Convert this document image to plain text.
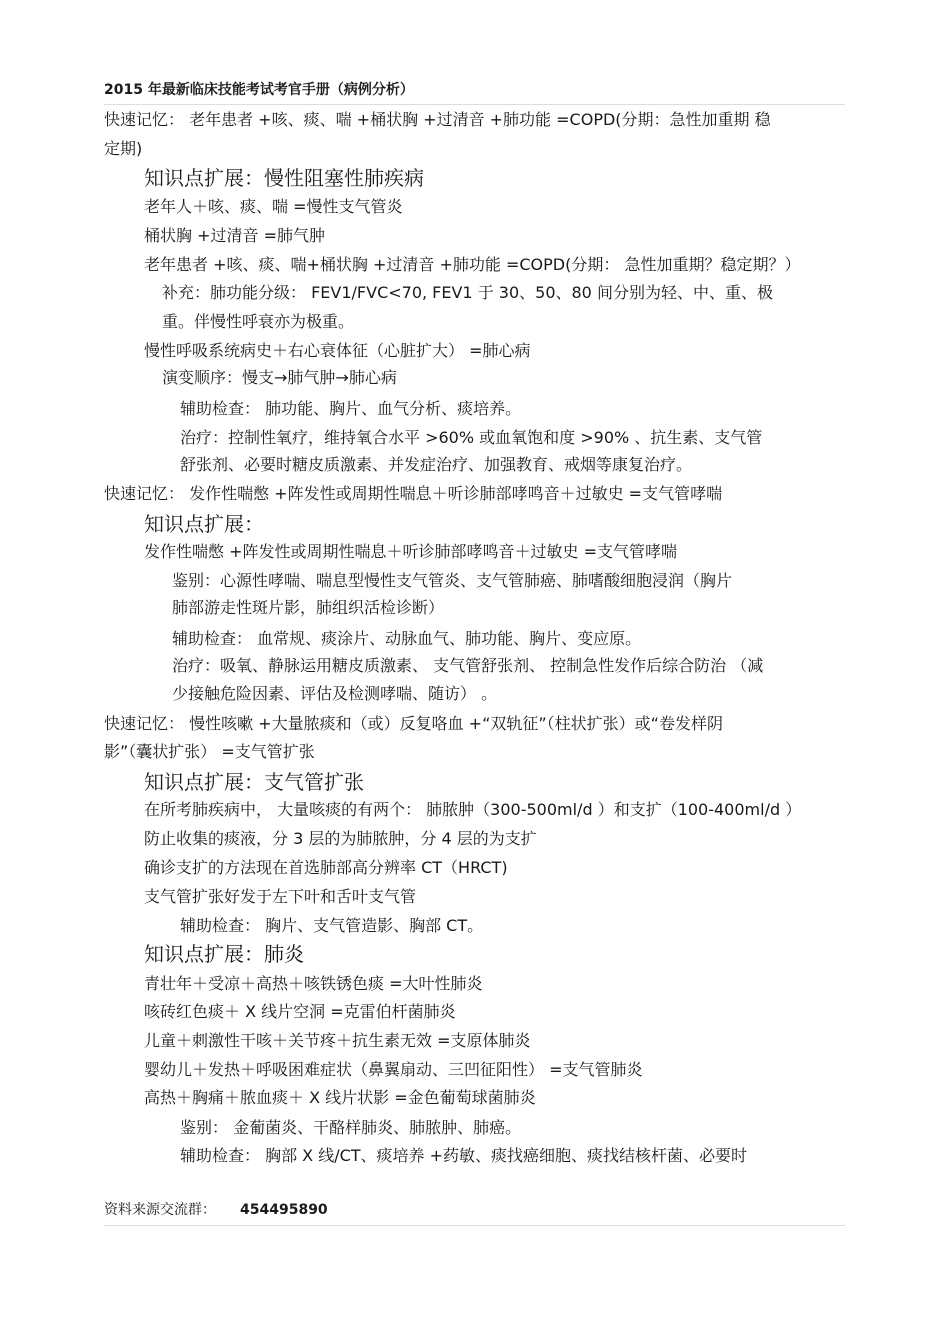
2015 年最新临床技能考试考官手册（病例分析）
快速记忆： 老年患者 +咳、痰、喘 +桶状胸 +过清音 +肺功能 =COPD(分期：急性加重期 稳
定期)
知识点扩展：慢性阻塞性肺疾病
老年人＋咳、痰、喘 =慢性支气管炎
桶状胸 +过清音 =肺气肿
老年患者 +咳、痰、喘+桶状胸 +过清音 +肺功能 =COPD(分期： 急性加重期？稳定期？）
补充：肺功能分级： FEV1/FVC<70, FEV1 于 30、50、80 间分别为轻、中、重、极
重。伴慢性呼衰亦为极重。
慢性呼吸系统病史＋右心衰体征（心脏扩大） =肺心病
演变顺序：慢支→肺气肿→肺心病
辅助检查： 肺功能、胸片、血气分析、痰培养。
治疗：控制性氧疗，维持氧合水平 >60% 或血氧饱和度 >90% 、抗生素、支气管
舒张剂、必要时糖皮质激素、并发症治疗、加强教育、戒烟等康复治疗。
快速记忆： 发作性喘憋 +阵发性或周期性喘息＋听诊肺部哮鸣音＋过敏史 =支气管哮喘
知识点扩展：
发作性喘憋 +阵发性或周期性喘息＋听诊肺部哮鸣音＋过敏史 =支气管哮喘
鉴别：心源性哮喘、喘息型慢性支气管炎、支气管肺癌、肺嗜酸细胞浸润（胸片
肺部游走性斑片影，肺组织活检诊断）
辅助检查： 血常规、痰涂片、动脉血气、肺功能、胸片、变应原。
治疗：吸氧、静脉运用糖皮质激素、 支气管舒张剂、 控制急性发作后综合防治 （减
少接触危险因素、评估及检测哮喘、随访） 。
快速记忆： 慢性咳嗽 +大量脓痰和（或）反复咯血 +“双轨征”（柱状扩张）或“卷发样阴
影”（囊状扩张） =支气管扩张
知识点扩展：支气管扩张
在所考肺疾病中， 大量咳痰的有两个： 肺脓肿（300-500ml/d ）和支扩（100-400ml/d ）
防止收集的痰液，分 3 层的为肺脓肿，分 4 层的为支扩
确诊支扩的方法现在首选肺部高分辨率 CT（HRCT)
支气管扩张好发于左下叶和舌叶支气管
辅助检查： 胸片、支气管造影、胸部 CT。
知识点扩展：肺炎
青壮年＋受凉＋高热＋咳铁锈色痰 =大叶性肺炎
咳砖红色痰＋ X 线片空洞 =克雷伯杆菌肺炎
儿童＋刺激性干咳＋关节疼＋抗生素无效 =支原体肺炎
婴幼儿＋发热＋呼吸困难症状（鼻翼扇动、三凹征阳性） =支气管肺炎
高热＋胸痛＋脓血痰＋ X 线片状影 =金色葡萄球菌肺炎
鉴别： 金葡菌炎、干酪样肺炎、肺脓肿、肺癌。
辅助检查： 胸部 X 线/CT、痰培养 +药敏、痰找癌细胞、痰找结核杆菌、必要时
资料来源交流群： 454495890
